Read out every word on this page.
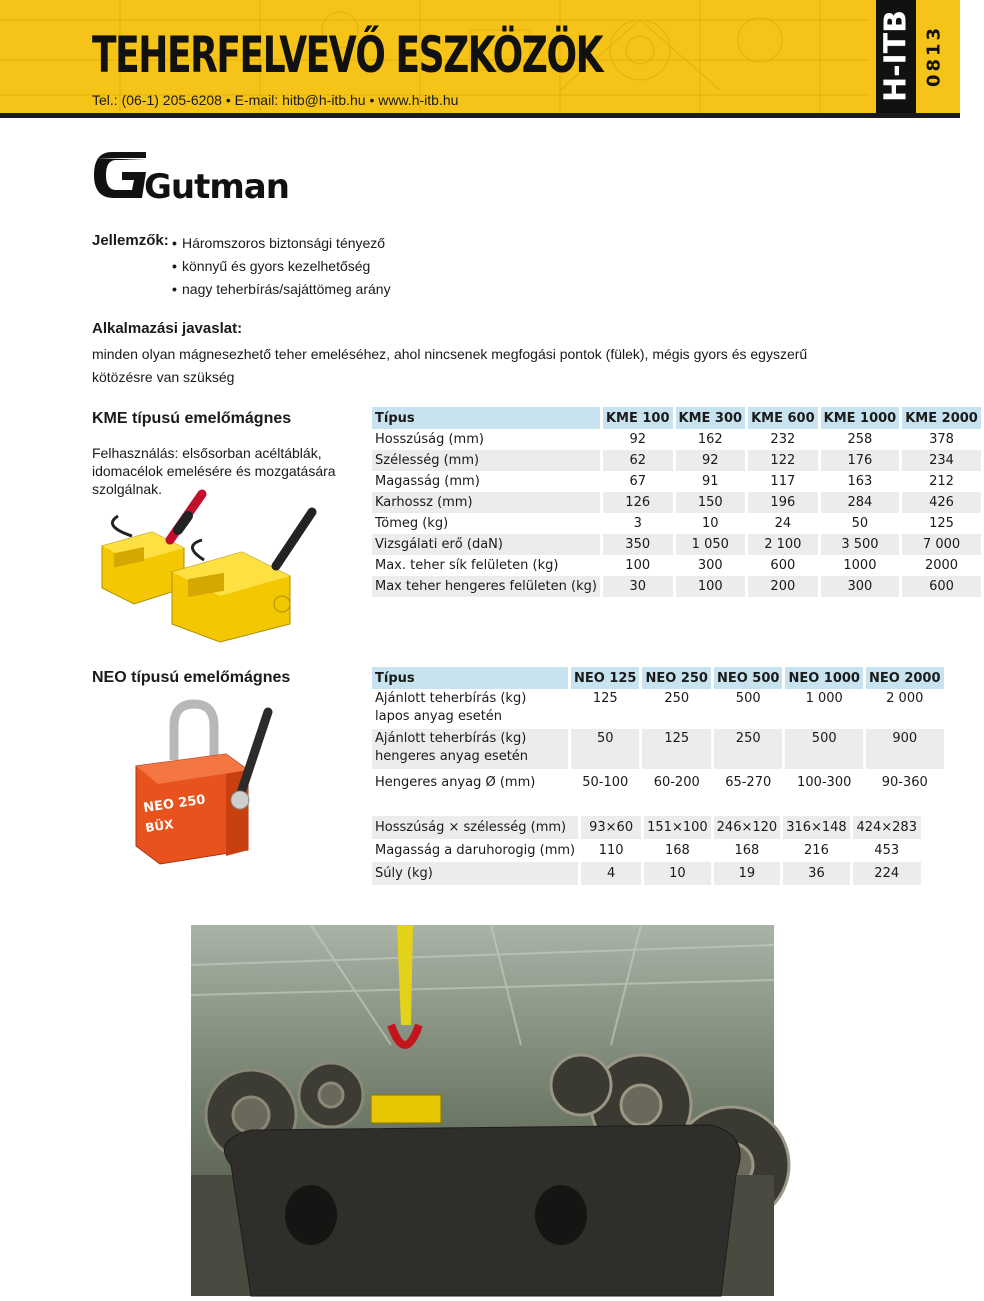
TEHERFELVEVŐ ESZKÖZÖK
Tel.: (06-1) 205-6208 • E-mail: hitb@h-itb.hu • www.h-itb.hu	H-ITB 0813
Gutman
Jellemzők: • Háromszoros biztonsági tényező
• könnyű és gyors kezelhetőség
• nagy teherbírás/sajáttömeg arány
Alkalmazási javaslat:
minden olyan mágnesezhető teher emeléséhez, ahol nincsenek megfogási pontok (fülek), mégis gyors és egyszerű kötözésre van szükség
KME típusú emelőmágnes
Felhasználás: elsősorban acéltáblák, idomacélok emelésére és mozgatására szolgálnak.
Típus	KME 100	KME 300	KME 600	KME 1000	KME 2000
Hosszúság (mm)	92	162	232	258	378
Szélesség (mm)	62	92	122	176	234
Magasság (mm)	67	91	117	163	212
Karhossz (mm)	126	150	196	284	426
Tömeg (kg)	3	10	24	50	125
Vizsgálati erő (daN)	350	1 050	2 100	3 500	7 000
Max. teher sík felületen (kg)	100	300	600	1000	2000
Max teher hengeres felületen (kg)	30	100	200	300	600
NEO típusú emelőmágnes
NEO 250
BÜX
Típus	NEO 125	NEO 250	NEO 500	NEO 1000	NEO 2000

Ajánlott teherbírás (kg)
lapos anyag esetén	125	250	500	1 000	2 000

Ajánlott teherbírás (kg)
hengeres anyag esetén	50	125	250	500	900

Hengeres anyag Ø (mm)	50-100	60-200	65-270	100-300	90-360
Hosszúság × szélesség (mm)	93×60	151×100	246×120	316×148	424×283
Magasság a daruhorogig (mm)	110	168	168	216	453
Súly (kg)	4	10	19	36	224
